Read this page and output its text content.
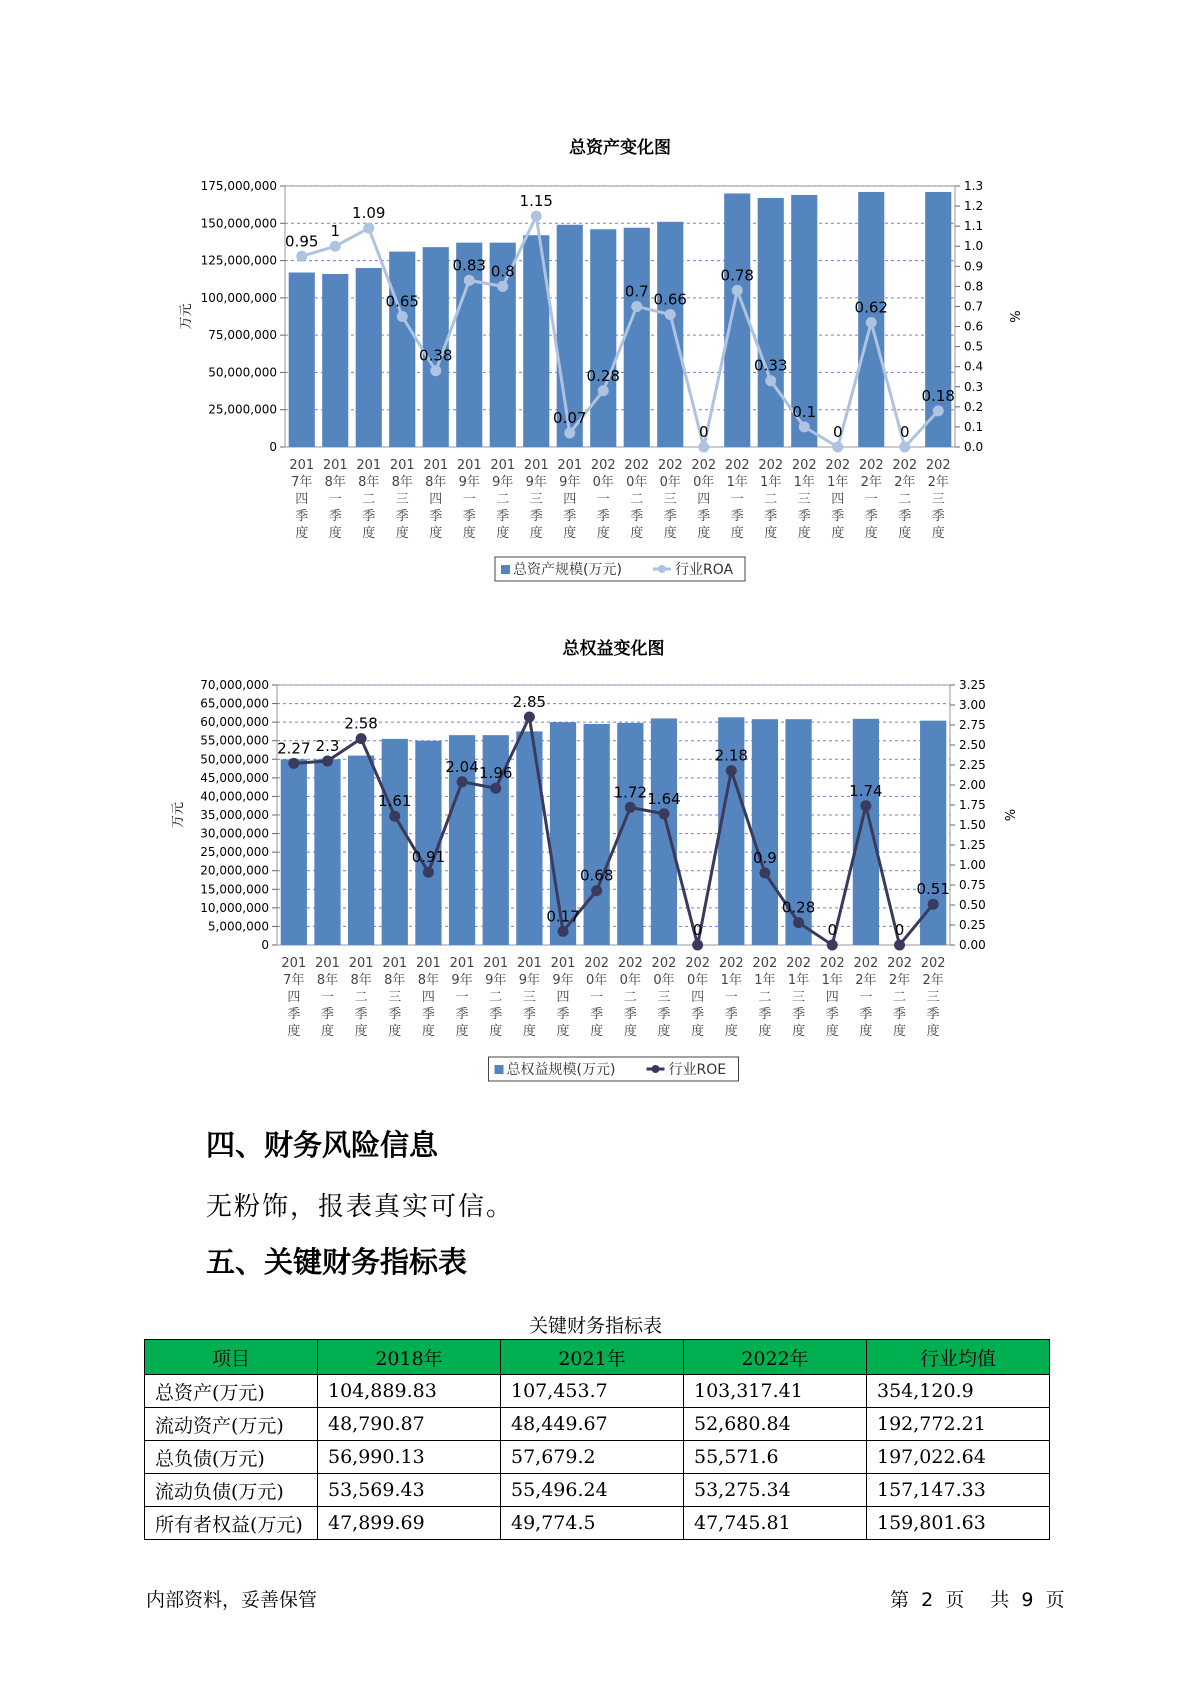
总资产变化图
0
25,000,000
50,000,000
75,000,000
100,000,000
125,000,000
150,000,000
175,000,000
0.0
0.1
0.2
0.3
0.4
0.5
0.6
0.7
0.8
0.9
1.0
1.1
1.2
1.3
万元	%
0.95
1
1.09
0.65
0.38
0.83 0.8
1.15
0.07
0.28
0.7 0.66
0
0.78
0.33
0.1
0
0.62
0
0.18
201
7年
四
季
度
201
8年
一
季
度
201
8年
二
季
度
201
8年
三
季
度
201
8年
四
季
度
201
9年
一
季
度
201
9年
二
季
度
201
9年
三
季
度
201
9年
四
季
度
202
0年
一
季
度
202
0年
二
季
度
202
0年
三
季
度
202
0年
四
季
度
202
1年
一
季
度
202
1年
二
季
度
202
1年
三
季
度
202
1年
四
季
度
202
2年
一
季
度
202
2年
二
季
度
202
2年
三
季
度
总资产规模(万元)	行业ROA
总权益变化图
0
5,000,000
10,000,000
15,000,000
20,000,000
25,000,000
30,000,000
35,000,000
40,000,000
45,000,000
50,000,000
55,000,000
60,000,000
65,000,000
70,000,000
0.00
0.25
0.50
0.75
1.00
1.25
1.50
1.75
2.00
2.25
2.50
2.75
3.00
3.25
万元	%
2.27 2.3
2.58
1.61
0.91
2.04 1.96
2.85
0.17
0.68
1.72 1.64
0
2.18
0.9
0.28
0
1.74
0
0.51
201
7年
四
季
度
201
8年
一
季
度
201
8年
二
季
度
201
8年
三
季
度
201
8年
四
季
度
201
9年
一
季
度
201
9年
二
季
度
201
9年
三
季
度
201
9年
四
季
度
202
0年
一
季
度
202
0年
二
季
度
202
0年
三
季
度
202
0年
四
季
度
202
1年
一
季
度
202
1年
二
季
度
202
1年
三
季
度
202
1年
四
季
度
202
2年
一
季
度
202
2年
二
季
度
202
2年
三
季
度
总权益规模(万元)	行业ROE
四、财务风险信息
无粉饰，报表真实可信。
五、关键财务指标表
关键财务指标表
项目	2018年	2021年	2022年	行业均值
总资产(万元)	104,889.83	107,453.7	103,317.41	354,120.9
流动资产(万元)	48,790.87	48,449.67	52,680.84	192,772.21
总负债(万元)	56,990.13	57,679.2	55,571.6	197,022.64
流动负债(万元)	53,569.43	55,496.24	53,275.34	157,147.33
所有者权益(万元)	47,899.69	49,774.5	47,745.81	159,801.63
内部资料，妥善保管	第 2 页 共 9 页
